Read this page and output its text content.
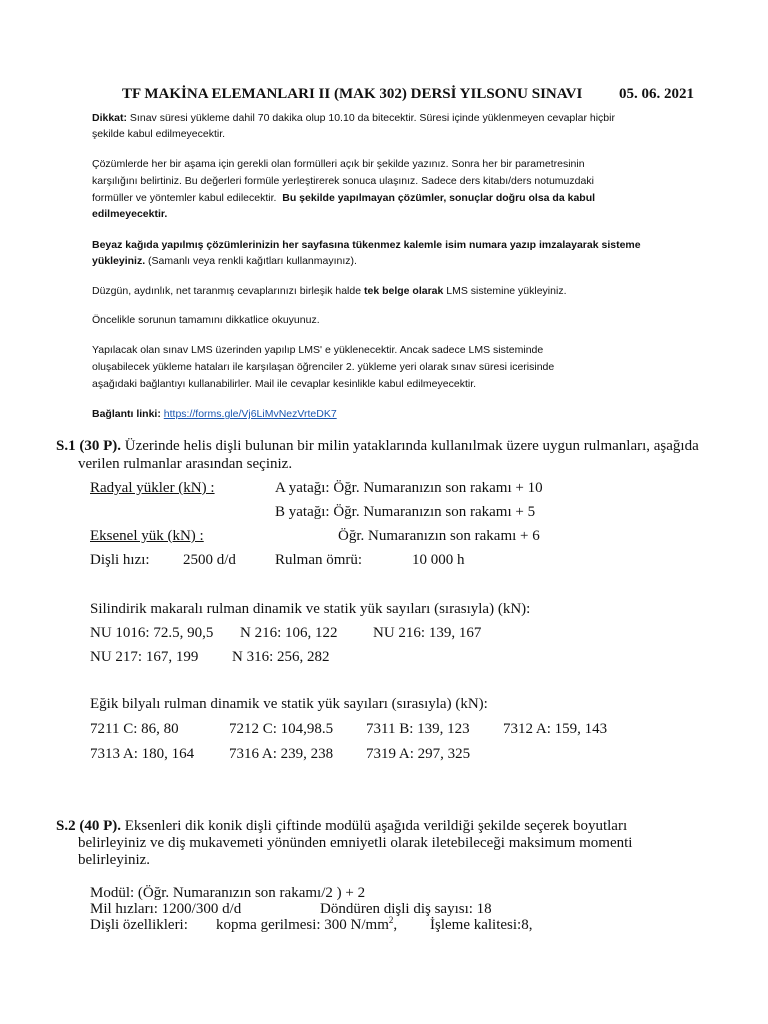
TF MAKİNA ELEMANLARI II (MAK 302) DERSİ YILSONU SINAVI 05. 06. 2021
Dikkat: Sınav süresi yükleme dahil 70 dakika olup 10.10 da bitecektir. Süresi içinde yüklenmeyen cevaplar hiçbir
şekilde kabul edilmeyecektir.
Çözümlerde her bir aşama için gerekli olan formülleri açık bir şekilde yazınız. Sonra her bir parametresinin
karşılığını belirtiniz. Bu değerleri formüle yerleştirerek sonuca ulaşınız. Sadece ders kitabı/ders notumuzdaki
formüller ve yöntemler kabul edilecektir. Bu şekilde yapılmayan çözümler, sonuçlar doğru olsa da kabul
edilmeyecektir.
Beyaz kağıda yapılmış çözümlerinizin her sayfasına tükenmez kalemle isim numara yazıp imzalayarak sisteme
yükleyiniz. (Samanlı veya renkli kağıtları kullanmayınız).
Düzgün, aydınlık, net taranmış cevaplarınızı birleşik halde tek belge olarak LMS sistemine yükleyiniz.
Öncelikle sorunun tamamını dikkatlice okuyunuz.
Yapılacak olan sınav LMS üzerinden yapılıp LMS' e yüklenecektir. Ancak sadece LMS sisteminde
oluşabilecek yükleme hataları ile karşılaşan öğrenciler 2. yükleme yeri olarak sınav süresi icerisinde
aşağıdaki bağlantıyı kullanabilirler. Mail ile cevaplar kesinlikle kabul edilmeyecektir.
Bağlantı linki: https://forms.gle/Vj6LiMvNezVrteDK7
S.1 (30 P). Üzerinde helis dişli bulunan bir milin yataklarında kullanılmak üzere uygun rulmanları, aşağıda
verilen rulmanlar arasından seçiniz.
Radyal yükler (kN) :	A yatağı: Öğr. Numaranızın son rakamı + 10
B yatağı: Öğr. Numaranızın son rakamı + 5
Eksenel yük (kN) :	Öğr. Numaranızın son rakamı + 6
Dişli hızı: 2500 d/d	Rulman ömrü:	10 000 h
Silindirik makaralı rulman dinamik ve statik yük sayıları (sırasıyla) (kN):
NU 1016: 72.5, 90,5 N 216: 106, 122 NU 216: 139, 167
NU 217: 167, 199 N 316: 256, 282
Eğik bilyalı rulman dinamik ve statik yük sayıları (sırasıyla) (kN):
7211 C: 86, 80	7212 C: 104,98.5 7311 B: 139, 123 7312 A: 159, 143
7313 A: 180, 164 7316 A: 239, 238 7319 A: 297, 325
S.2 (40 P). Eksenleri dik konik dişli çiftinde modülü aşağıda verildiği şekilde seçerek boyutları
belirleyiniz ve diş mukavemeti yönünden emniyetli olarak iletebileceği maksimum momenti
belirleyiniz.
Modül: (Öğr. Numaranızın son rakamı/2 ) + 2
Mil hızları: 1200/300 d/d	Döndüren dişli diş sayısı: 18
Dişli özellikleri: kopma gerilmesi: 300 $N/mm^2$, İşleme kalitesi:8,
